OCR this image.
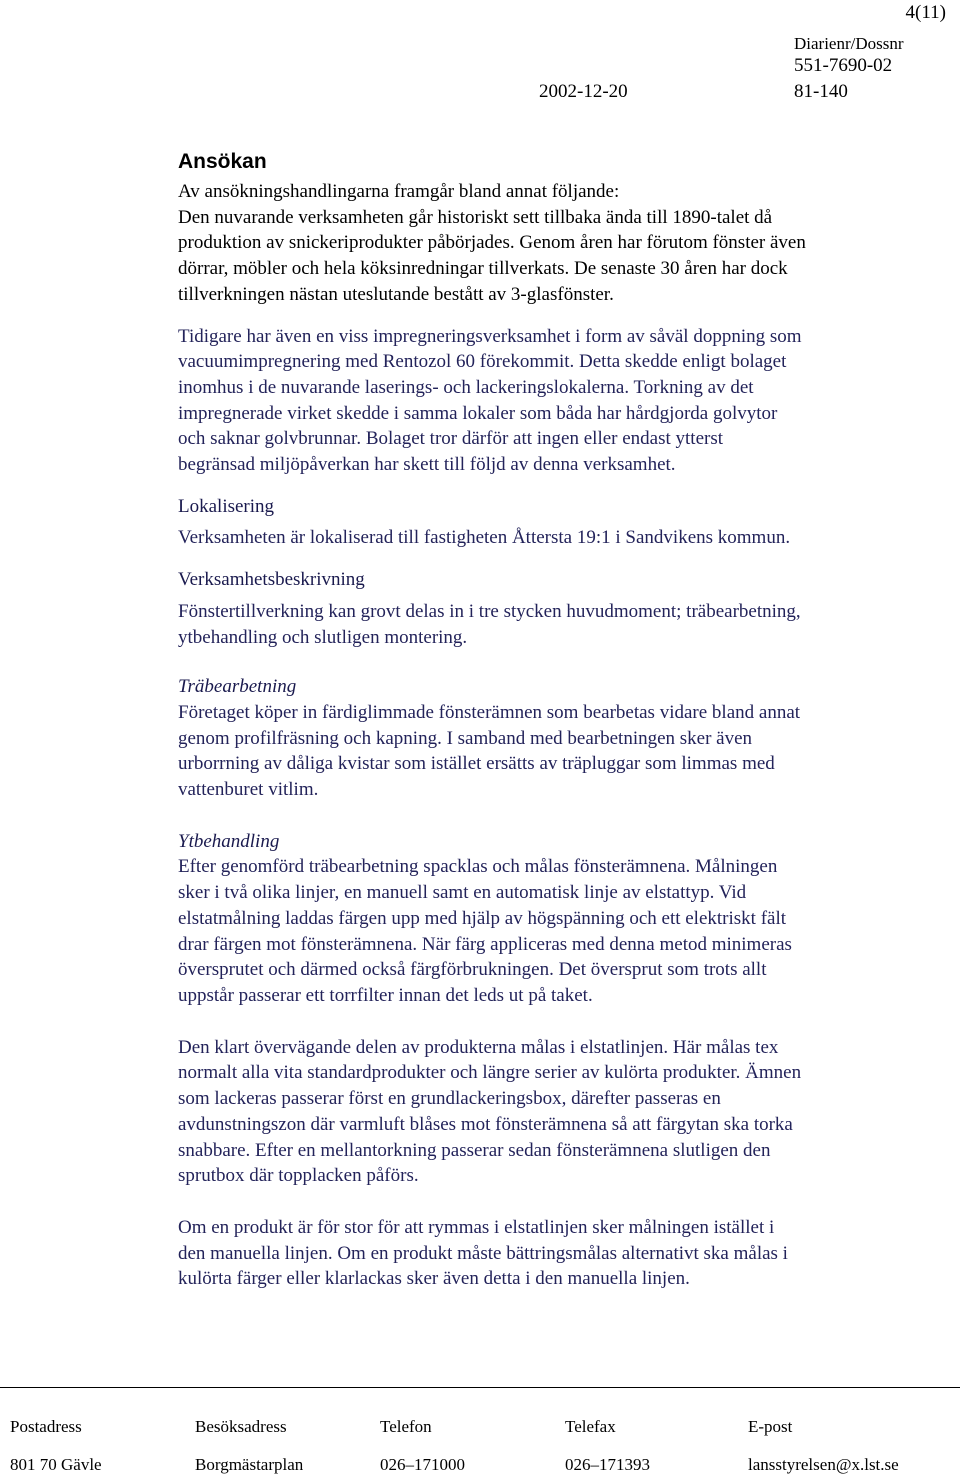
4(11)
Diarienr/Dossnr
551-7690-02
2002-12-20	81-140
Ansökan
Av ansökningshandlingarna framgår bland annat följande:
Den nuvarande verksamheten går historiskt sett tillbaka ända till 1890-talet då
produktion av snickeriprodukter påbörjades. Genom åren har förutom fönster även
dörrar, möbler och hela köksinredningar tillverkats. De senaste 30 åren har dock
tillverkningen nästan uteslutande bestått av 3-glasfönster.
Tidigare har även en viss impregneringsverksamhet i form av såväl doppning som
vacuumimpregnering med Rentozol 60 förekommit. Detta skedde enligt bolaget
inomhus i de nuvarande laserings- och lackeringslokalerna. Torkning av det
impregnerade virket skedde i samma lokaler som båda har hårdgjorda golvytor
och saknar golvbrunnar. Bolaget tror därför att ingen eller endast ytterst
begränsad miljöpåverkan har skett till följd av denna verksamhet.
Lokalisering
Verksamheten är lokaliserad till fastigheten Åttersta 19:1 i Sandvikens kommun.
Verksamhetsbeskrivning
Fönstertillverkning kan grovt delas in i tre stycken huvudmoment; träbearbetning,
ytbehandling och slutligen montering.
Träbearbetning
Företaget köper in färdiglimmade fönsterämnen som bearbetas vidare bland annat
genom profilfräsning och kapning. I samband med bearbetningen sker även
urborrning av dåliga kvistar som istället ersätts av träpluggar som limmas med
vattenburet vitlim.
Ytbehandling
Efter genomförd träbearbetning spacklas och målas fönsterämnena. Målningen
sker i två olika linjer, en manuell samt en automatisk linje av elstattyp. Vid
elstatmålning laddas färgen upp med hjälp av högspänning och ett elektriskt fält
drar färgen mot fönsterämnena. När färg appliceras med denna metod minimeras
översprutet och därmed också färgförbrukningen. Det översprut som trots allt
uppstår passerar ett torrfilter innan det leds ut på taket.
Den klart övervägande delen av produkterna målas i elstatlinjen. Här målas tex
normalt alla vita standardprodukter och längre serier av kulörta produkter. Ämnen
som lackeras passerar först en grundlackeringsbox, därefter passeras en
avdunstningszon där varmluft blåses mot fönsterämnena så att färgytan ska torka
snabbare. Efter en mellantorkning passerar sedan fönsterämnena slutligen den
sprutbox där topplacken påförs.
Om en produkt är för stor för att rymmas i elstatlinjen sker målningen istället i
den manuella linjen. Om en produkt måste bättringsmålas alternativt ska målas i
kulörta färger eller klarlackas sker även detta i den manuella linjen.
Postadress	Besöksadress	Telefon	Telefax	E-post
801 70 Gävle	Borgmästarplan	026–171000	026–171393	lansstyrelsen@x.lst.se
